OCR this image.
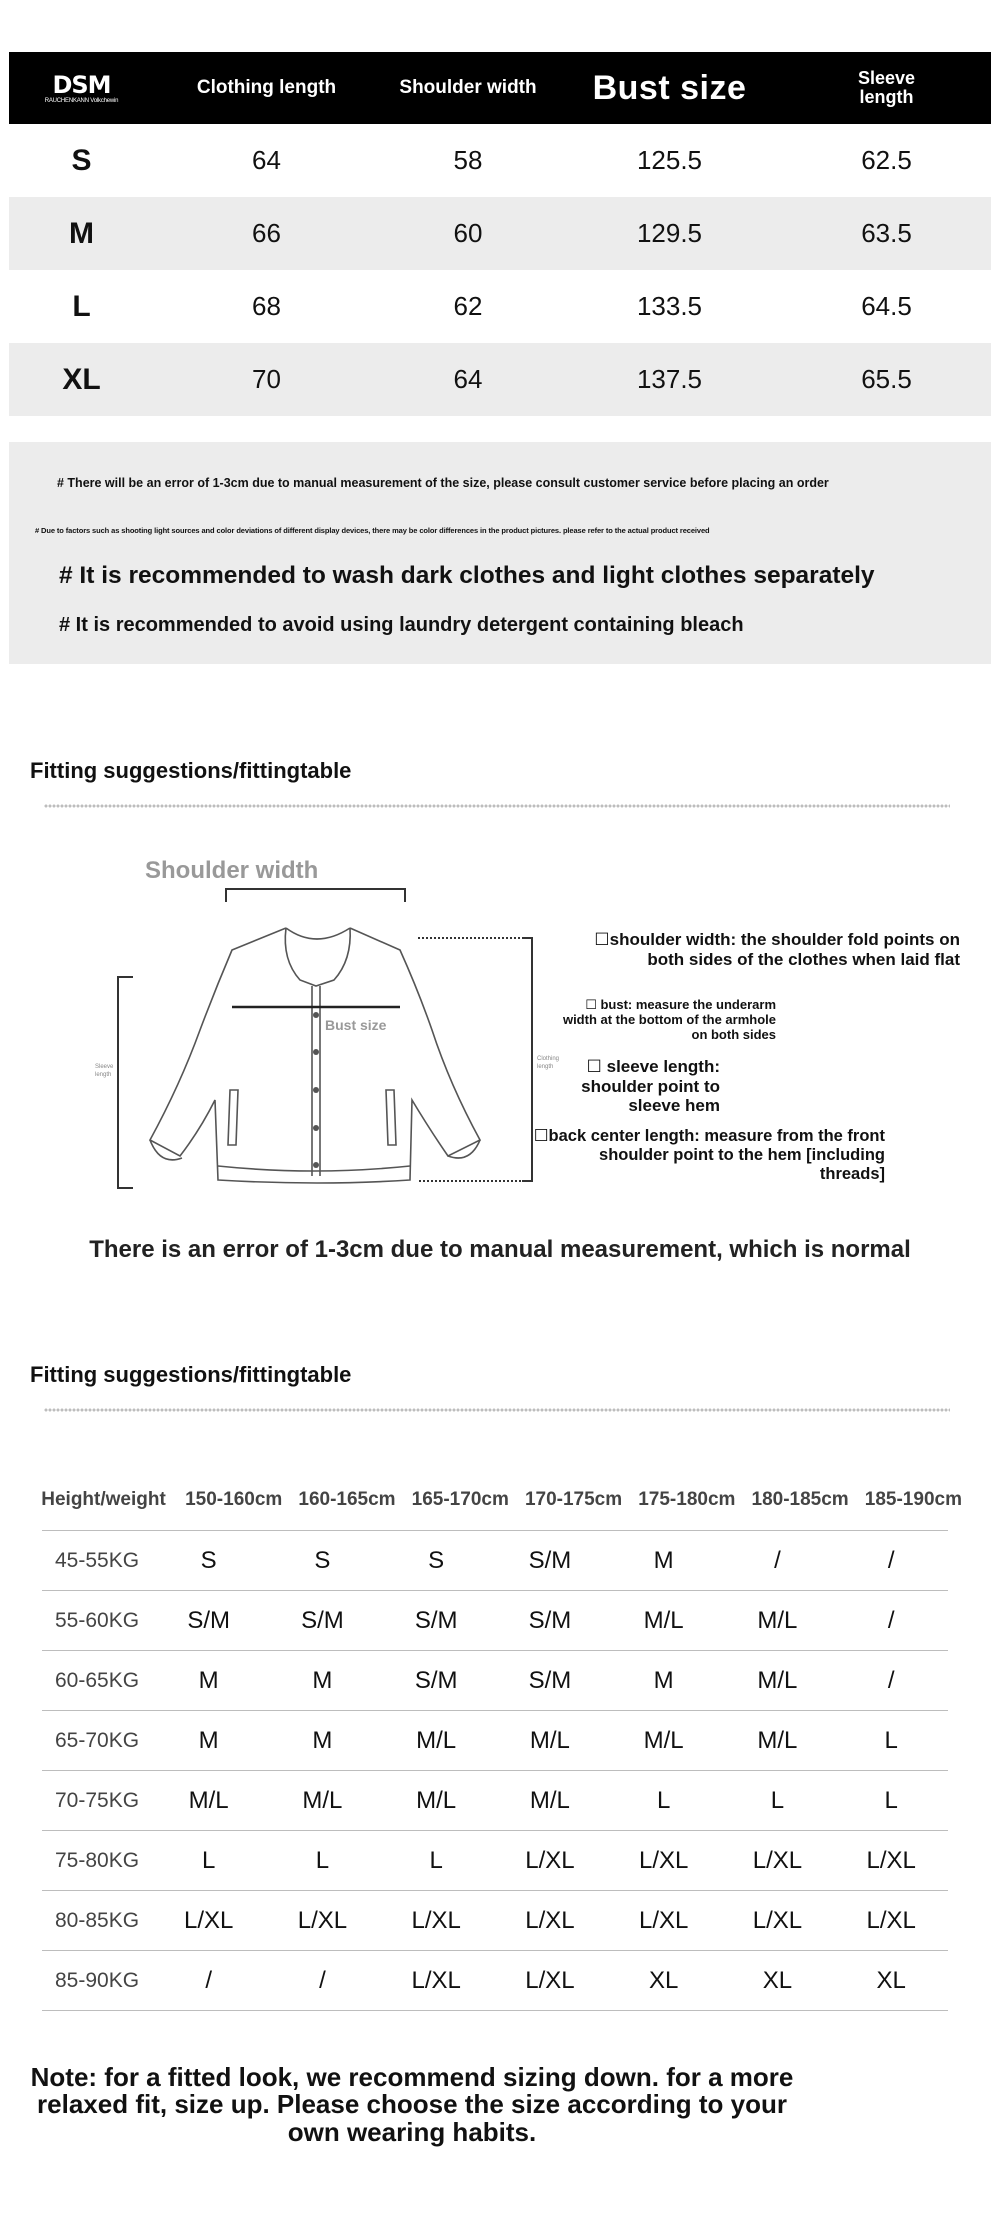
DSM
RAUCHENKANN Volkchewin
Clothing length	Shoulder width	Bust size	Sleeve length
S	64	58	125.5	62.5
M	66	60	129.5	63.5
L	68	62	133.5	64.5
XL	70	64	137.5	65.5
# There will be an error of 1-3cm due to manual measurement of the size, please consult customer service before placing an order
# Due to factors such as shooting light sources and color deviations of different display devices, there may be color differences in the product pictures. please refer to the actual product received
# It is recommended to wash dark clothes and light clothes separately
# It is recommended to avoid using laundry detergent containing bleach
Fitting suggestions/fittingtable
Shoulder width
Sleeve
length
Clothing
length
Bust size
☐shoulder width: the shoulder fold points on both sides of the clothes when laid flat
☐ bust: measure the underarm width at the bottom of the armhole on both sides
☐ sleeve length: shoulder point to sleeve hem
☐back center length: measure from the front shoulder point to the hem [including threads]
There is an error of 1-3cm due to manual measurement, which is normal
Fitting suggestions/fittingtable
Height/weight	150-160cm 160-165cm 165-170cm 170-175cm 175-180cm 180-185cm 185-190cm
45-55KG	S	S	S	S/M	M	/	/
55-60KG	S/M	S/M	S/M	S/M	M/L	M/L	/
60-65KG	M	M	S/M	S/M	M	M/L	/
65-70KG	M	M	M/L	M/L	M/L	M/L	L
70-75KG	M/L	M/L	M/L	M/L	L	L	L
75-80KG	L	L	L	L/XL	L/XL	L/XL	L/XL
80-85KG	L/XL	L/XL	L/XL	L/XL	L/XL	L/XL	L/XL
85-90KG	/	/	L/XL	L/XL	XL	XL	XL
Note: for a fitted look, we recommend sizing down. for a more relaxed fit, size up. Please choose the size according to your own wearing habits.
